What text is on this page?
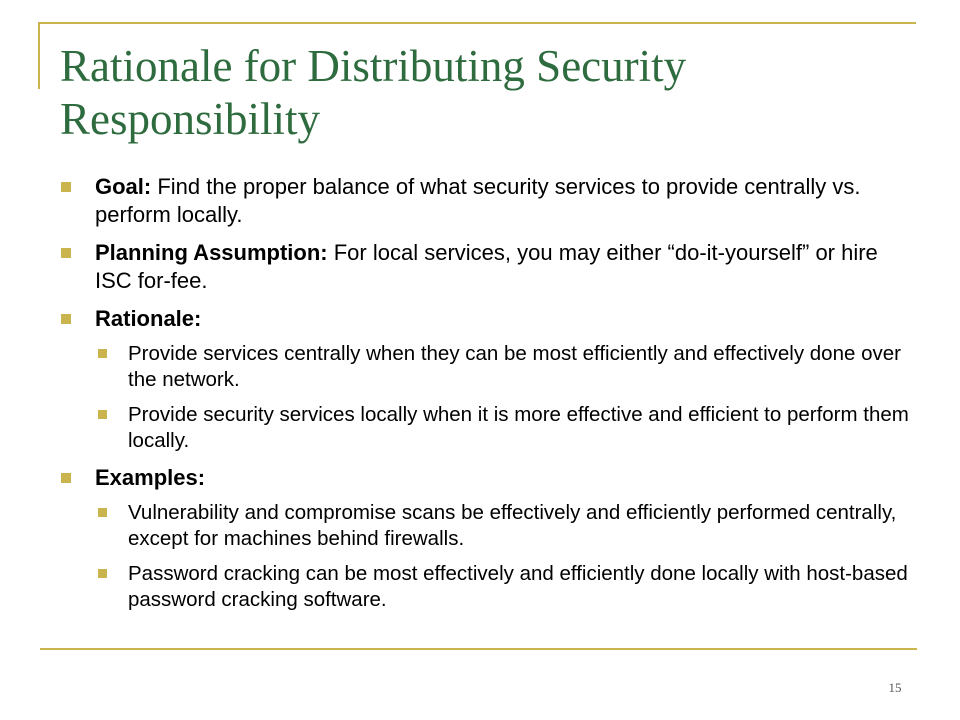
Rationale for Distributing Security Responsibility
Goal: Find the proper balance of what security services to provide centrally vs. perform locally.
Planning Assumption: For local services, you may either “do-it-yourself” or hire ISC for-fee.
Rationale:
Provide services centrally when they can be most efficiently and effectively done over the network.
Provide security services locally when it is more effective and efficient to perform them locally.
Examples:
Vulnerability and compromise scans be effectively and efficiently performed centrally, except for machines behind firewalls.
Password cracking can be most effectively and efficiently done locally with host-based password cracking software.
15
